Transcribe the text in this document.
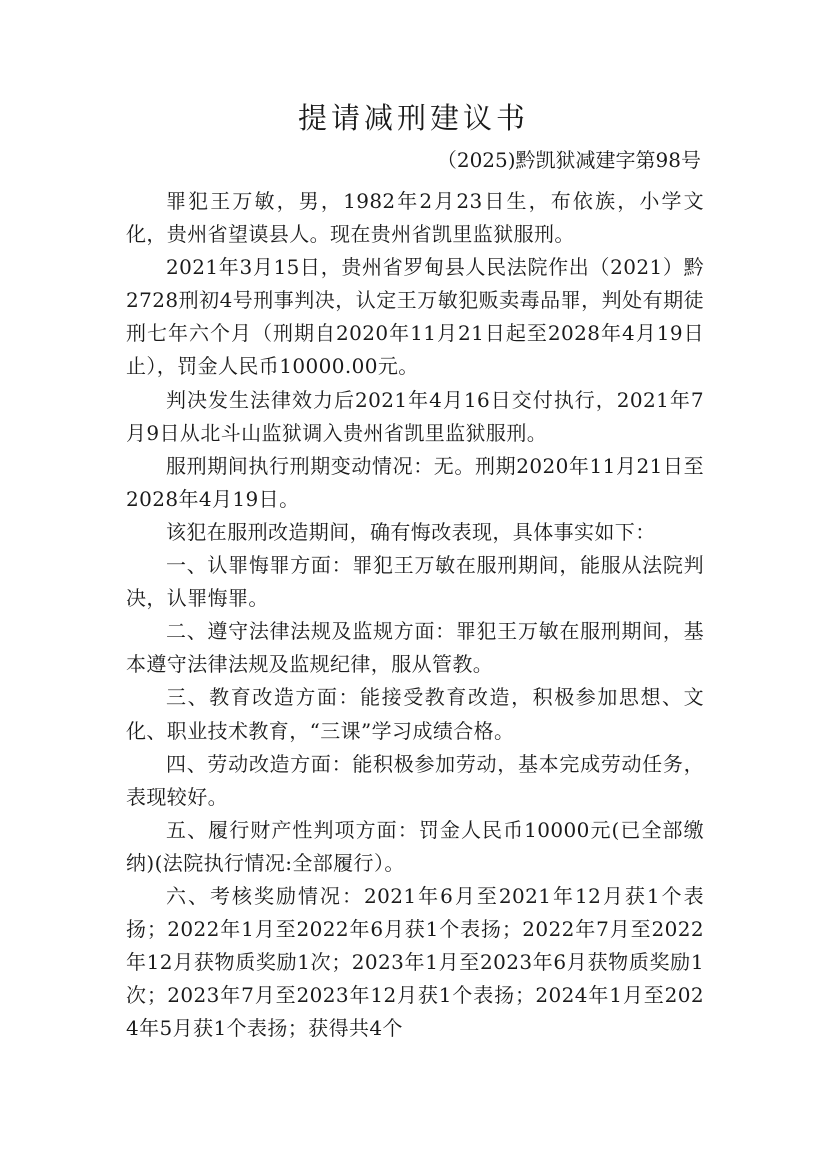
提请减刑建议书
（2025)黔凯狱减建字第98号

罪犯王万敏，男，1982年2月23日生，布依族，小学文化，贵州省望谟县人。现在贵州省凯里监狱服刑。

2021年3月15日，贵州省罗甸县人民法院作出（2021）黔2728刑初4号刑事判决，认定王万敏犯贩卖毒品罪，判处有期徒刑七年六个月（刑期自2020年11月21日起至2028年4月19日止），罚金人民币10000.00元。

判决发生法律效力后2021年4月16日交付执行，2021年7月9日从北斗山监狱调入贵州省凯里监狱服刑。

服刑期间执行刑期变动情况：无。刑期2020年11月21日至2028年4月19日。

该犯在服刑改造期间，确有悔改表现，具体事实如下：

一、认罪悔罪方面：罪犯王万敏在服刑期间，能服从法院判决，认罪悔罪。

二、遵守法律法规及监规方面：罪犯王万敏在服刑期间，基本遵守法律法规及监规纪律，服从管教。

三、教育改造方面：能接受教育改造，积极参加思想、文化、职业技术教育，“三课”学习成绩合格。

四、劳动改造方面：能积极参加劳动，基本完成劳动任务，表现较好。

五、履行财产性判项方面：罚金人民币10000元(已全部缴纳)(法院执行情况:全部履行）。

六、考核奖励情况：2021年6月至2021年12月获1个表扬；2022年1月至2022年6月获1个表扬；2022年7月至2022年12月获物质奖励1次；2023年1月至2023年6月获物质奖励1次；2023年7月至2023年12月获1个表扬；2024年1月至2024年5月获1个表扬；获得共4个
